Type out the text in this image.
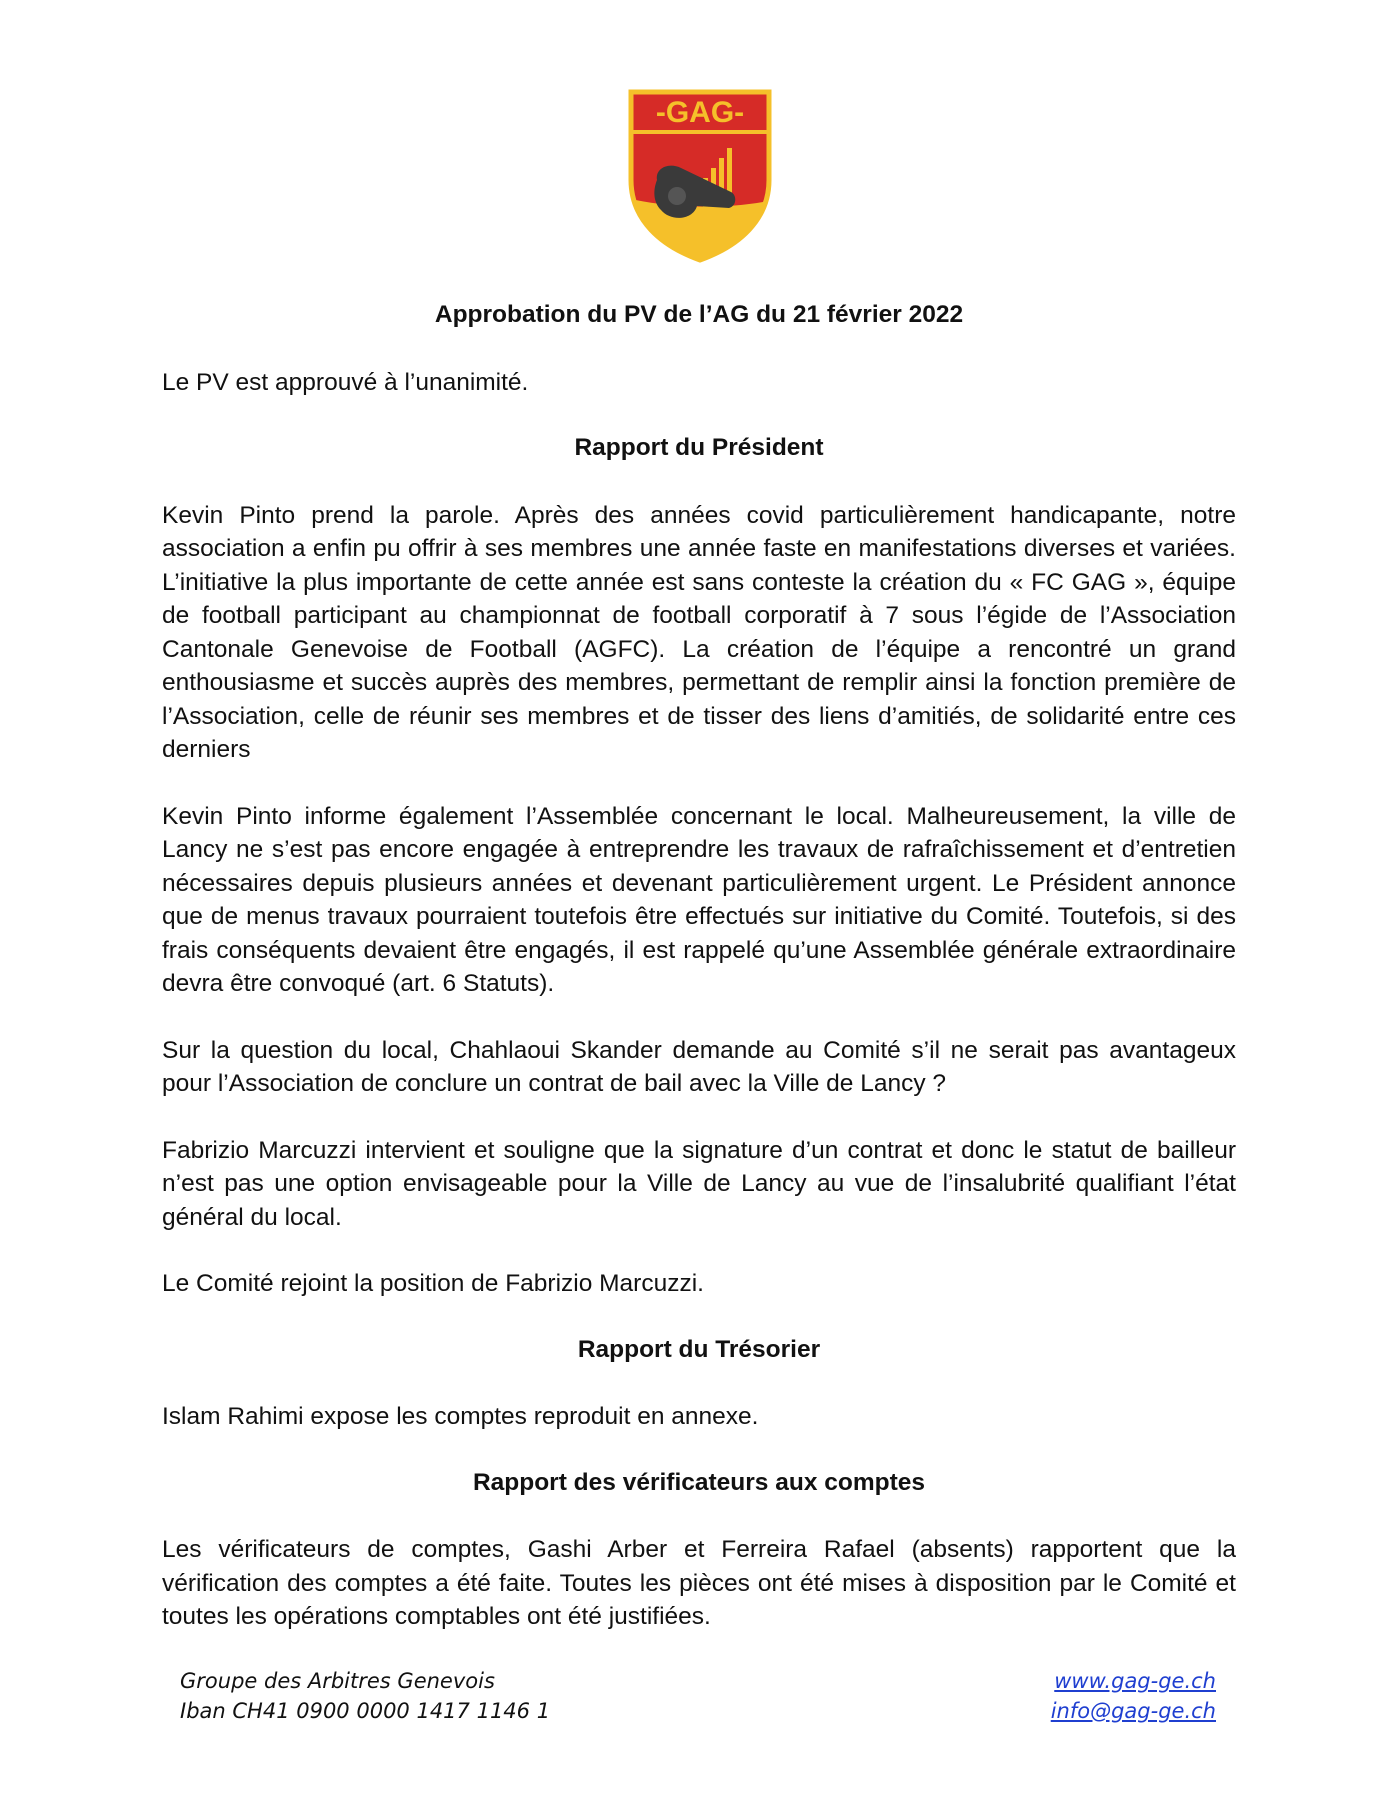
-GAG-
Approbation du PV de l’AG du 21 février 2022
Le PV est approuvé à l’unanimité.
Rapport du Président
Kevin Pinto prend la parole. Après des années covid particulièrement handicapante, notre association a enfin pu offrir à ses membres une année faste en manifestations diverses et variées. L’initiative la plus importante de cette année est sans conteste la création du « FC GAG », équipe de football participant au championnat de football corporatif à 7 sous l’égide de l’Association Cantonale Genevoise de Football (AGFC). La création de l’équipe a rencontré un grand enthousiasme et succès auprès des membres, permettant de remplir ainsi la fonction première de l’Association, celle de réunir ses membres et de tisser des liens d’amitiés, de solidarité entre ces derniers
Kevin Pinto informe également l’Assemblée concernant le local. Malheureusement, la ville de Lancy ne s’est pas encore engagée à entreprendre les travaux de rafraîchissement et d’entretien nécessaires depuis plusieurs années et devenant particulièrement urgent. Le Président annonce que de menus travaux pourraient toutefois être effectués sur initiative du Comité. Toutefois, si des frais conséquents devaient être engagés, il est rappelé qu’une Assemblée générale extraordinaire devra être convoqué (art. 6 Statuts).
Sur la question du local, Chahlaoui Skander demande au Comité s’il ne serait pas avantageux pour l’Association de conclure un contrat de bail avec la Ville de Lancy ?
Fabrizio Marcuzzi intervient et souligne que la signature d’un contrat et donc le statut de bailleur n’est pas une option envisageable pour la Ville de Lancy au vue de l’insalubrité qualifiant l’état général du local.
Le Comité rejoint la position de Fabrizio Marcuzzi.
Rapport du Trésorier
Islam Rahimi expose les comptes reproduit en annexe.
Rapport des vérificateurs aux comptes
Les vérificateurs de comptes, Gashi Arber et Ferreira Rafael (absents) rapportent que la vérification des comptes a été faite. Toutes les pièces ont été mises à disposition par le Comité et toutes les opérations comptables ont été justifiées.
Groupe des Arbitres Genevois
Iban CH41 0900 0000 1417 1146 1
www.gag-ge.ch
info@gag-ge.ch
